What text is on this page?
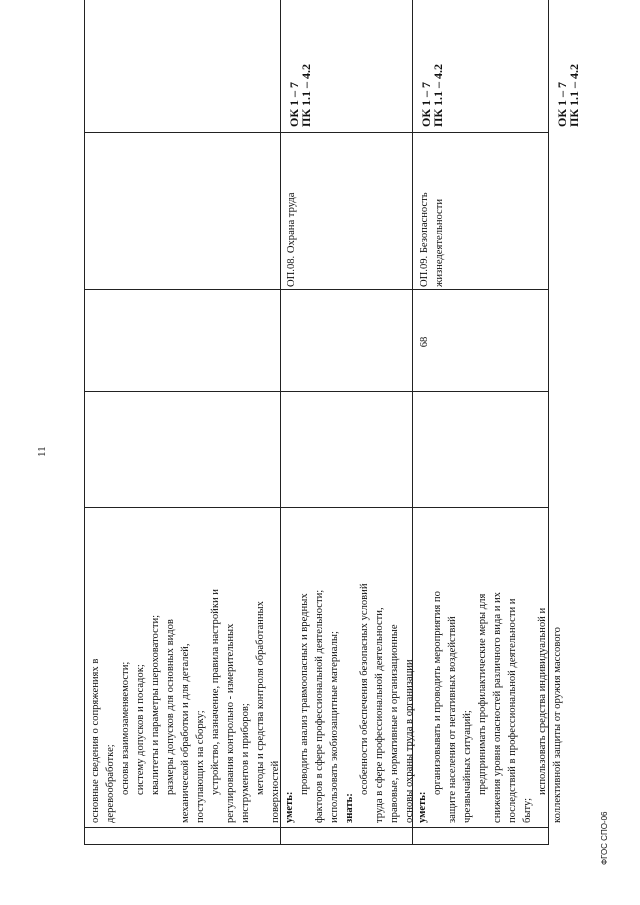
основные сведения о сопряжениях в деревообработке; основы взаимозаменяемости; систему допусков и посадок; квалитеты и параметры шероховатости; размеры допусков для основных видов механической обработки и для деталей, поступающих на сборку; устройство, назначение, правила настройки и регулирования контрольно - измерительных инструментов и приборов; методы и средства контроля обработанных поверхностей

ОК 1 – 7

ПК 1.1 – 4.2

уметь:

проводить анализ травмоопасных и вредных факторов в сфере профессиональной деятельности; использовать экобиозащитные материалы; знать:

особенности обеспечения безопасных условий труда в сфере профессиональной деятельности, правовые, нормативные и организационные основы охраны труда в организации

ОП.08. Охрана труда

ОК 1 – 7

ПК 1.1 – 4.2

уметь:

организовывать и проводить мероприятия по защите населения от негативных воздействий чрезвычайных ситуаций; предпринимать профилактические меры для снижения уровня опасностей различного вида и их последствий в профессиональной деятельности и быту;

использовать средства индивидуальной и коллективной защиты от оружия массового

68

ОП.09. Безопасность жизнедеятельности

ОК 1 – 7

ПК 1.1 – 4.2

11
ФГОС СПО-06
